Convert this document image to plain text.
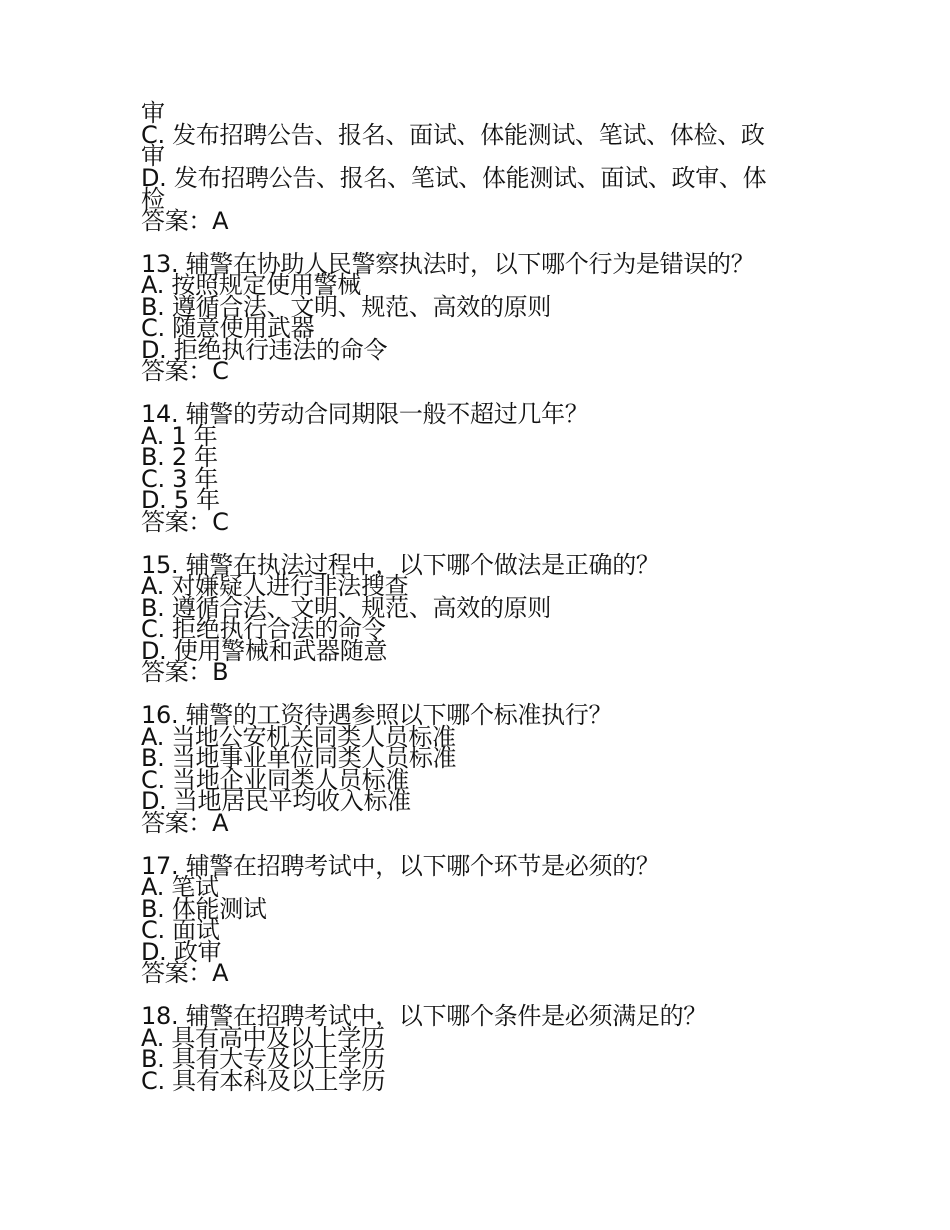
审
C. 发布招聘公告、报名、面试、体能测试、笔试、体检、政
审
D. 发布招聘公告、报名、笔试、体能测试、面试、政审、体
检
答案：A
13. 辅警在协助人民警察执法时，以下哪个行为是错误的？
A. 按照规定使用警械
B. 遵循合法、文明、规范、高效的原则
C. 随意使用武器
D. 拒绝执行违法的命令
答案：C
14. 辅警的劳动合同期限一般不超过几年？
A. 1 年
B. 2 年
C. 3 年
D. 5 年
答案：C
15. 辅警在执法过程中，以下哪个做法是正确的？
A. 对嫌疑人进行非法搜查
B. 遵循合法、文明、规范、高效的原则
C. 拒绝执行合法的命令
D. 使用警械和武器随意
答案：B
16. 辅警的工资待遇参照以下哪个标准执行？
A. 当地公安机关同类人员标准
B. 当地事业单位同类人员标准
C. 当地企业同类人员标准
D. 当地居民平均收入标准
答案：A
17. 辅警在招聘考试中，以下哪个环节是必须的？
A. 笔试
B. 体能测试
C. 面试
D. 政审
答案：A
18. 辅警在招聘考试中，以下哪个条件是必须满足的？
A. 具有高中及以上学历
B. 具有大专及以上学历
C. 具有本科及以上学历
